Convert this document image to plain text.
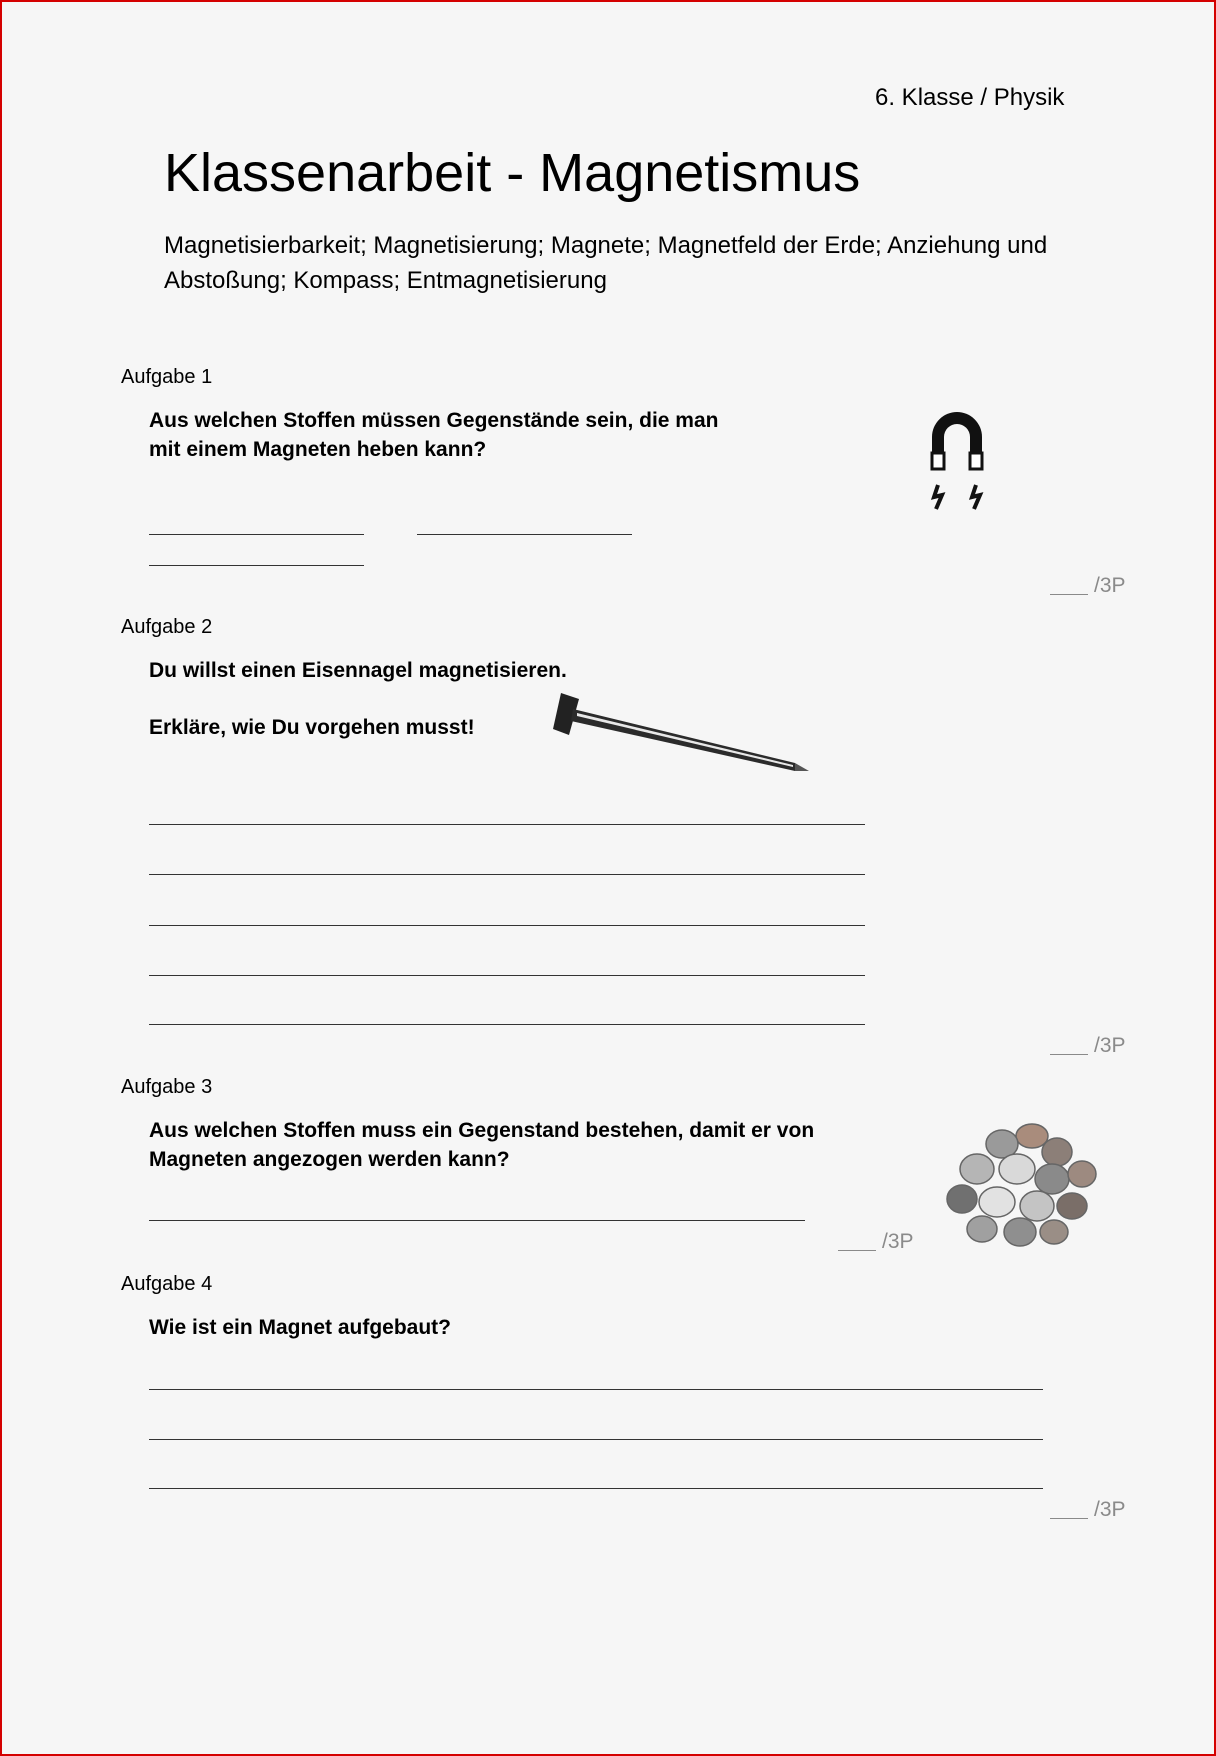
6. Klasse / Physik
Klassenarbeit - Magnetismus
Magnetisierbarkeit; Magnetisierung; Magnete; Magnetfeld der Erde; Anziehung und Abstoßung; Kompass; Entmagnetisierung
Aufgabe 1
Aus welchen Stoffen müssen Gegenstände sein, die man
mit einem Magneten heben kann?
/3P
Aufgabe 2
Du willst einen Eisennagel magnetisieren.
Erkläre, wie Du vorgehen musst!
/3P
Aufgabe 3
Aus welchen Stoffen muss ein Gegenstand bestehen, damit er von
Magneten angezogen werden kann?
/3P
Aufgabe 4
Wie ist ein Magnet aufgebaut?
/3P
